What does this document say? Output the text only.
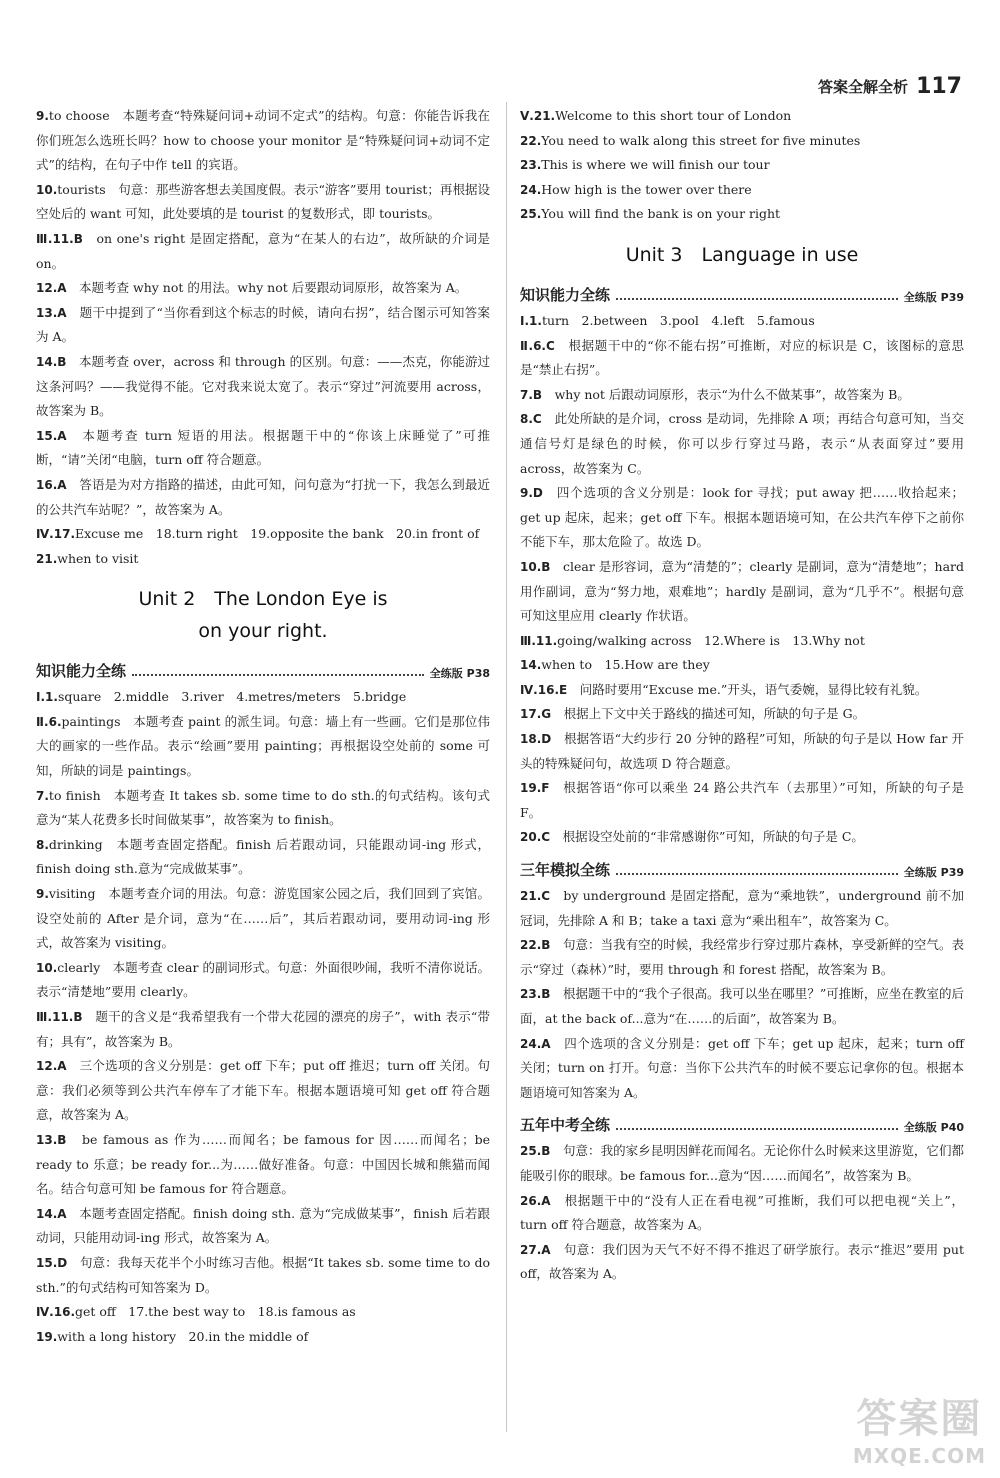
答案全解全析 117

9.to choose　本题考查“特殊疑问词+动词不定式”的结构。句意：你能告诉我在你们班怎么选班长吗？how to choose your monitor 是“特殊疑问词+动词不定式”的结构，在句子中作 tell 的宾语。

10.tourists　句意：那些游客想去美国度假。表示“游客”要用 tourist；再根据设空处后的 want 可知，此处要填的是 tourist 的复数形式，即 tourists。

Ⅲ.11.B　on one's right 是固定搭配，意为“在某人的右边”，故所缺的介词是 on。

12.A　本题考查 why not 的用法。why not 后要跟动词原形，故答案为 A。

13.A　题干中提到了“当你看到这个标志的时候，请向右拐”，结合图示可知答案为 A。

14.B　本题考查 over，across 和 through 的区别。句意：——杰克，你能游过这条河吗？——我觉得不能。它对我来说太宽了。表示“穿过”河流要用 across，故答案为 B。

15.A　本题考查 turn 短语的用法。根据题干中的“你该上床睡觉了”可推断，“请”关闭“电脑，turn off 符合题意。

16.A　答语是为对方指路的描述，由此可知，问句意为“打扰一下，我怎么到最近的公共汽车站呢？”，故答案为 A。

Ⅳ.17.Excuse me　18.turn right　19.opposite the bank　20.in front of

21.when to visit

Unit 2　The London Eye is
on your right.
知识能力全练	全练版 P38

Ⅰ.1.square　2.middle　3.river　4.metres/meters　5.bridge

Ⅱ.6.paintings　本题考查 paint 的派生词。句意：墙上有一些画。它们是那位伟大的画家的一些作品。表示“绘画”要用 painting；再根据设空处前的 some 可知，所缺的词是 paintings。

7.to finish　本题考查 It takes sb. some time to do sth.的句式结构。该句式意为“某人花费多长时间做某事”，故答案为 to finish。

8.drinking　本题考查固定搭配。finish 后若跟动词，只能跟动词-ing 形式，finish doing sth.意为“完成做某事”。

9.visiting　本题考查介词的用法。句意：游览国家公园之后，我们回到了宾馆。设空处前的 After 是介词，意为“在……后”，其后若跟动词，要用动词-ing 形式，故答案为 visiting。

10.clearly　本题考查 clear 的副词形式。句意：外面很吵闹，我听不清你说话。表示“清楚地”要用 clearly。

Ⅲ.11.B　题干的含义是“我希望我有一个带大花园的漂亮的房子”，with 表示“带有；具有”，故答案为 B。

12.A　三个选项的含义分别是：get off 下车；put off 推迟；turn off 关闭。句意：我们必须等到公共汽车停车了才能下车。根据本题语境可知 get off 符合题意，故答案为 A。

13.B　be famous as 作为……而闻名；be famous for 因……而闻名；be ready to 乐意；be ready for...为……做好准备。句意：中国因长城和熊猫而闻名。结合句意可知 be famous for 符合题意。

14.A　本题考查固定搭配。finish doing sth. 意为“完成做某事”，finish 后若跟动词，只能用动词-ing 形式，故答案为 A。

15.D　句意：我每天花半个小时练习吉他。根据“It takes sb. some time to do sth.”的句式结构可知答案为 D。

Ⅳ.16.get off　17.the best way to　18.is famous as

19.with a long history　20.in the middle of

Ⅴ.21.Welcome to this short tour of London

22.You need to walk along this street for five minutes

23.This is where we will finish our tour

24.How high is the tower over there

25.You will find the bank is on your right

Unit 3　Language in use
知识能力全练	全练版 P39

Ⅰ.1.turn　2.between　3.pool　4.left　5.famous

Ⅱ.6.C　根据题干中的“你不能右拐”可推断，对应的标识是 C，该图标的意思是“禁止右拐”。

7.B　why not 后跟动词原形，表示“为什么不做某事”，故答案为 B。

8.C　此处所缺的是介词，cross 是动词，先排除 A 项；再结合句意可知，当交通信号灯是绿色的时候，你可以步行穿过马路，表示“从表面穿过”要用 across，故答案为 C。

9.D　四个选项的含义分别是：look for 寻找；put away 把……收拾起来；get up 起床，起来；get off 下车。根据本题语境可知，在公共汽车停下之前你不能下车，那太危险了。故选 D。

10.B　clear 是形容词，意为“清楚的”；clearly 是副词，意为“清楚地”；hard 用作副词，意为“努力地，艰难地”；hardly 是副词，意为“几乎不”。根据句意可知这里应用 clearly 作状语。

Ⅲ.11.going/walking across　12.Where is　13.Why not

14.when to　15.How are they

Ⅳ.16.E　问路时要用“Excuse me.”开头，语气委婉，显得比较有礼貌。

17.G　根据上下文中关于路线的描述可知，所缺的句子是 G。

18.D　根据答语“大约步行 20 分钟的路程”可知，所缺的句子是以 How far 开头的特殊疑问句，故选项 D 符合题意。

19.F　根据答语“你可以乘坐 24 路公共汽车（去那里）”可知，所缺的句子是 F。

20.C　根据设空处前的“非常感谢你”可知，所缺的句子是 C。

三年模拟全练	全练版 P39

21.C　by underground 是固定搭配，意为“乘地铁”，underground 前不加冠词，先排除 A 和 B；take a taxi 意为“乘出租车”，故答案为 C。

22.B　句意：当我有空的时候，我经常步行穿过那片森林，享受新鲜的空气。表示“穿过（森林）”时，要用 through 和 forest 搭配，故答案为 B。

23.B　根据题干中的“我个子很高。我可以坐在哪里？”可推断，应坐在教室的后面，at the back of...意为“在……的后面”，故答案为 B。

24.A　四个选项的含义分别是：get off 下车；get up 起床，起来；turn off 关闭；turn on 打开。句意：当你下公共汽车的时候不要忘记拿你的包。根据本题语境可知答案为 A。

五年中考全练	全练版 P40

25.B　句意：我的家乡昆明因鲜花而闻名。无论你什么时候来这里游览，它们都能吸引你的眼球。be famous for...意为“因……而闻名”，故答案为 B。

26.A　根据题干中的“没有人正在看电视”可推断，我们可以把电视“关上”，turn off 符合题意，故答案为 A。

27.A　句意：我们因为天气不好不得不推迟了研学旅行。表示“推迟”要用 put off，故答案为 A。

答案圈
MXQE.COM
